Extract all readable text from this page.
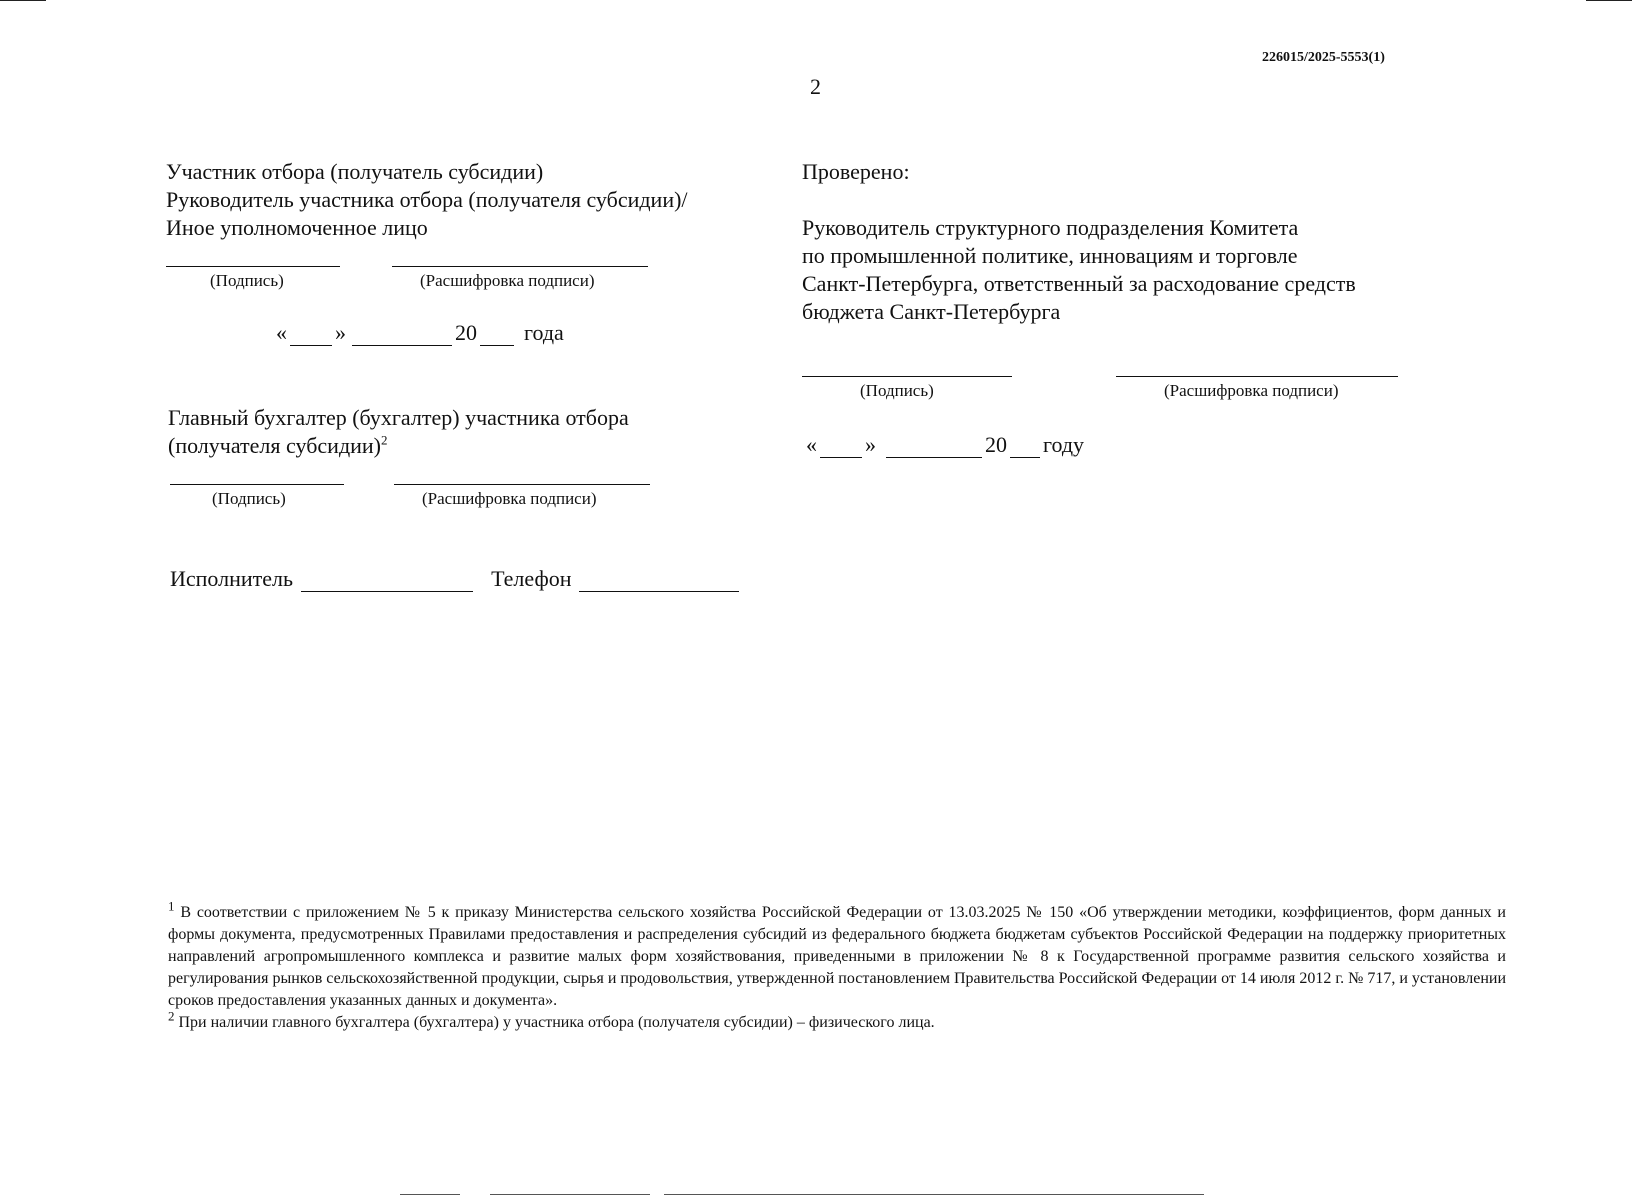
226015/2025-5553(1)
2
Участник отбора (получатель субсидии)
Руководитель участника отбора (получателя субсидии)/
Иное уполномоченное лицо
(Подпись)	(Расшифровка подписи)
« »	20 года
Главный бухгалтер (бухгалтер) участника отбора
(получателя субсидии)$^2$
(Подпись)	(Расшифровка подписи)
Исполнитель	Телефон
Проверено:
Руководитель структурного подразделения Комитета
по промышленной политике, инновациям и торговле
Санкт-Петербурга, ответственный за расходование средств
бюджета Санкт-Петербурга
(Подпись)	(Расшифровка подписи)
« »	20 году
$^1$ В соответствии с приложением № 5 к приказу Министерства сельского хозяйства Российской Федерации от 13.03.2025 № 150 «Об утверждении методики, коэффициентов, форм данных и формы документа, предусмотренных Правилами предоставления и распределения субсидий из федерального бюджета бюджетам субъектов Российской Федерации на поддержку приоритетных направлений агропромышленного комплекса и развитие малых форм хозяйствования, приведенными в приложении № 8 к Государственной программе развития сельского хозяйства и регулирования рынков сельскохозяйственной продукции, сырья и продовольствия, утвержденной постановлением Правительства Российской Федерации от 14 июля 2012 г. № 717, и установлении сроков предоставления указанных данных и документа».
$^2$ При наличии главного бухгалтера (бухгалтера) у участника отбора (получателя субсидии) – физического лица.
